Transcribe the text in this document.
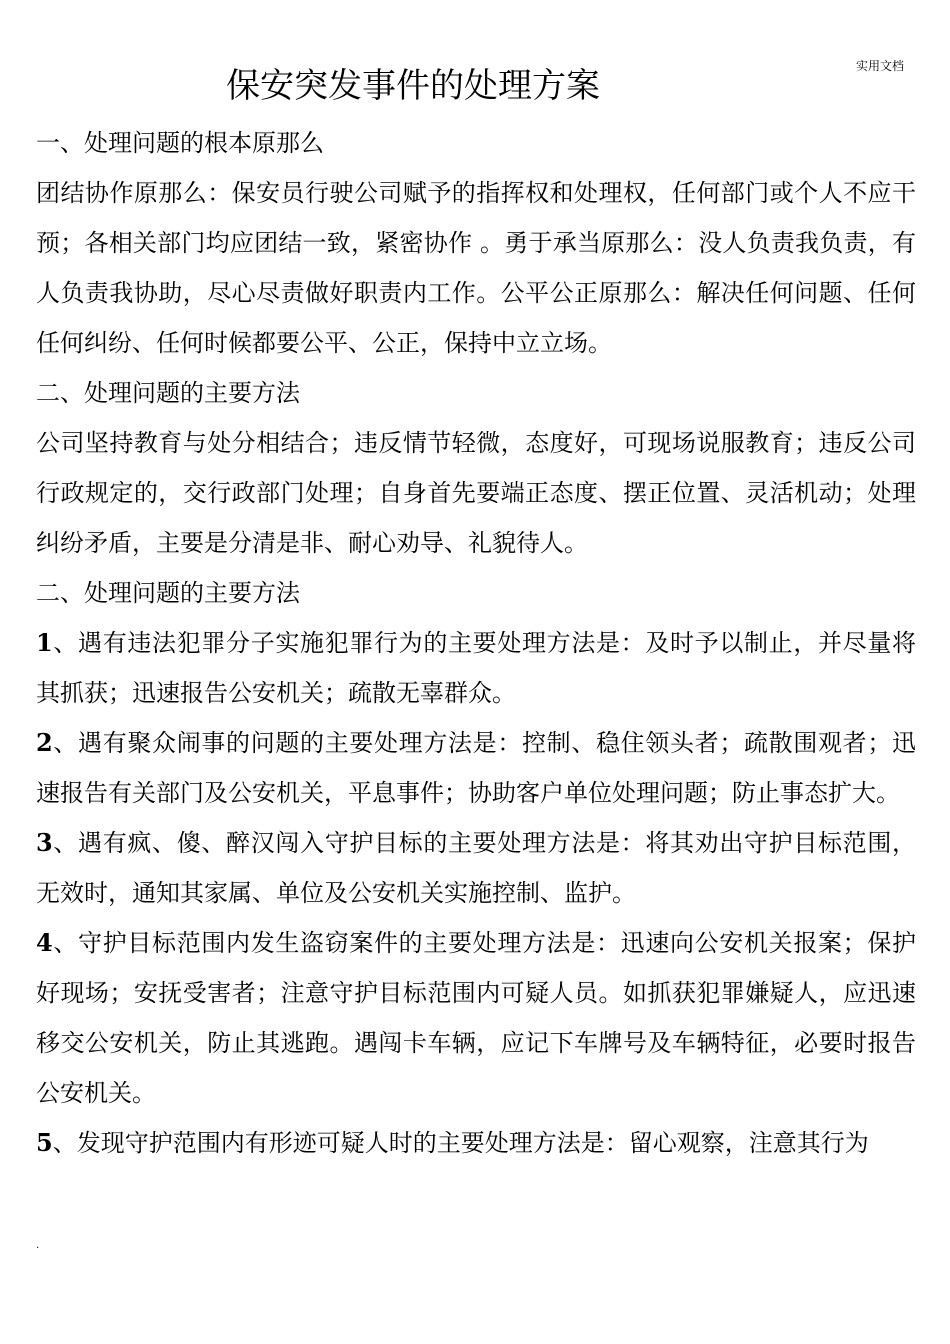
实用文档
保安突发事件的处理方案

一、处理问题的根本原那么

团结协作原那么：保安员行驶公司赋予的指挥权和处理权，任何部门或个人不应干预；各相关部门均应团结一致，紧密协作 。勇于承当原那么：没人负责我负责，有人负责我协助，尽心尽责做好职责内工作。公平公正原那么：解决任何问题、任何任何纠纷、任何时候都要公平、公正，保持中立立场。

二、处理问题的主要方法

公司坚持教育与处分相结合；违反情节轻微，态度好，可现场说服教育；违反公司行政规定的，交行政部门处理；自身首先要端正态度、摆正位置、灵活机动；处理纠纷矛盾，主要是分清是非、耐心劝导、礼貌待人。

二、处理问题的主要方法

1、遇有违法犯罪分子实施犯罪行为的主要处理方法是：及时予以制止，并尽量将其抓获；迅速报告公安机关；疏散无辜群众。

2、遇有聚众闹事的问题的主要处理方法是：控制、稳住领头者；疏散围观者；迅速报告有关部门及公安机关，平息事件；协助客户单位处理问题；防止事态扩大。

3、遇有疯、傻、醉汉闯入守护目标的主要处理方法是：将其劝出守护目标范围，无效时，通知其家属、单位及公安机关实施控制、监护。

4、守护目标范围内发生盗窃案件的主要处理方法是：迅速向公安机关报案；保护好现场；安抚受害者；注意守护目标范围内可疑人员。如抓获犯罪嫌疑人，应迅速移交公安机关，防止其逃跑。遇闯卡车辆，应记下车牌号及车辆特征，必要时报告公安机关。

5、发现守护范围内有形迹可疑人时的主要处理方法是：留心观察，注意其行为

.
